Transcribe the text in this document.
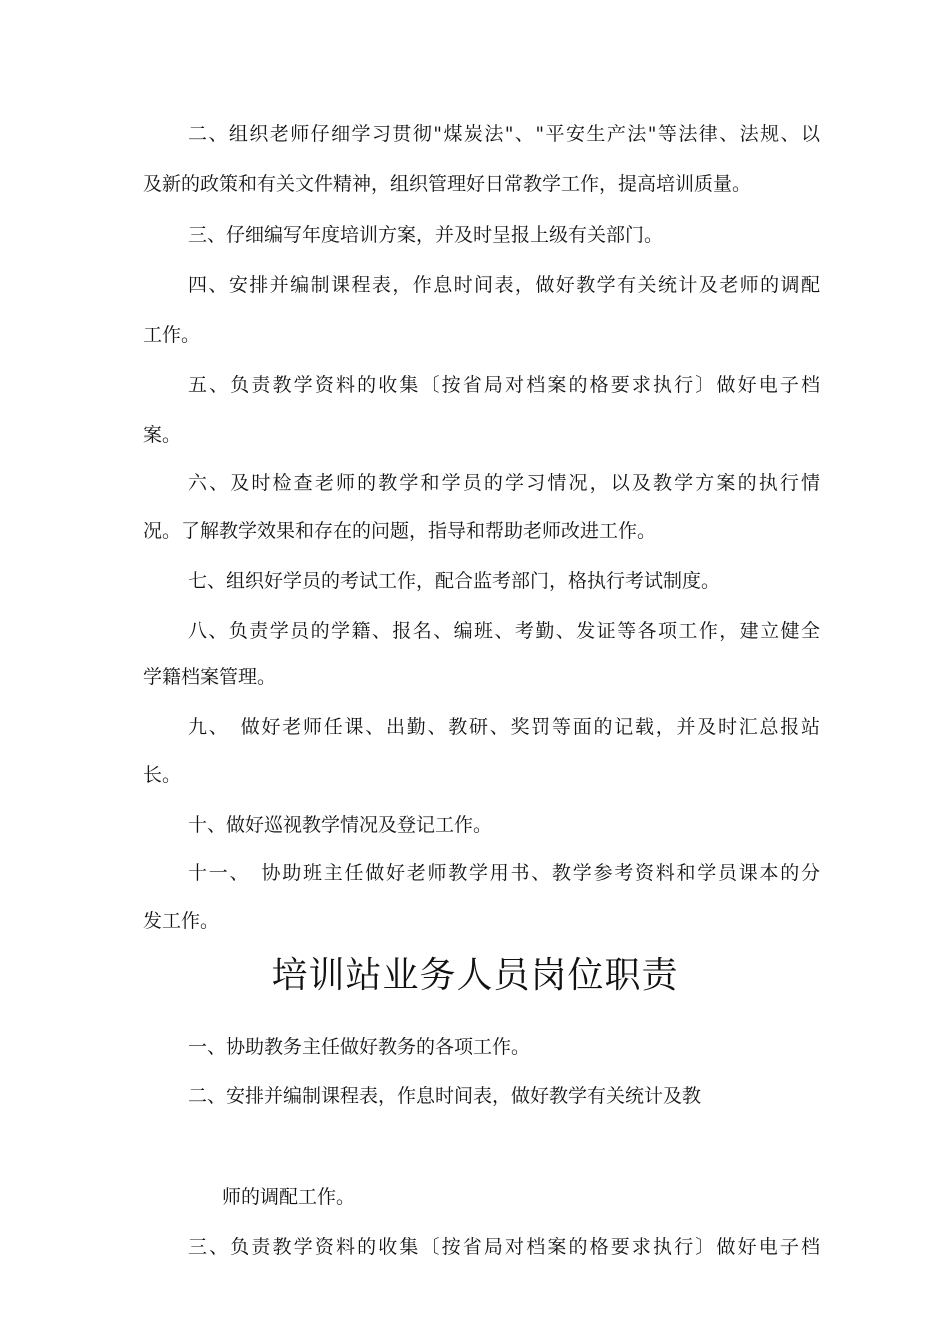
二、组织老师仔细学习贯彻"煤炭法"、"平安生产法"等法律、法规、以
及新的政策和有关文件精神，组织管理好日常教学工作，提高培训质量。
三、仔细编写年度培训方案，并及时呈报上级有关部门。
四、安排并编制课程表，作息时间表，做好教学有关统计及老师的调配
工作。
五、负责教学资料的收集〔按省局对档案的格要求执行〕做好电子档
案。
六、及时检查老师的教学和学员的学习情况，以及教学方案的执行情
况。了解教学效果和存在的问题，指导和帮助老师改进工作。
七、组织好学员的考试工作，配合监考部门，格执行考试制度。
八、负责学员的学籍、报名、编班、考勤、发证等各项工作，建立健全
学籍档案管理。
九、　做好老师任课、出勤、教研、奖罚等面的记载，并及时汇总报站
长。
十、做好巡视教学情况及登记工作。
十一、　协助班主任做好老师教学用书、教学参考资料和学员课本的分
发工作。
培训站业务人员岗位职责
一、协助教务主任做好教务的各项工作。
二、安排并编制课程表，作息时间表，做好教学有关统计及教
师的调配工作。
三、负责教学资料的收集〔按省局对档案的格要求执行〕做好电子档
